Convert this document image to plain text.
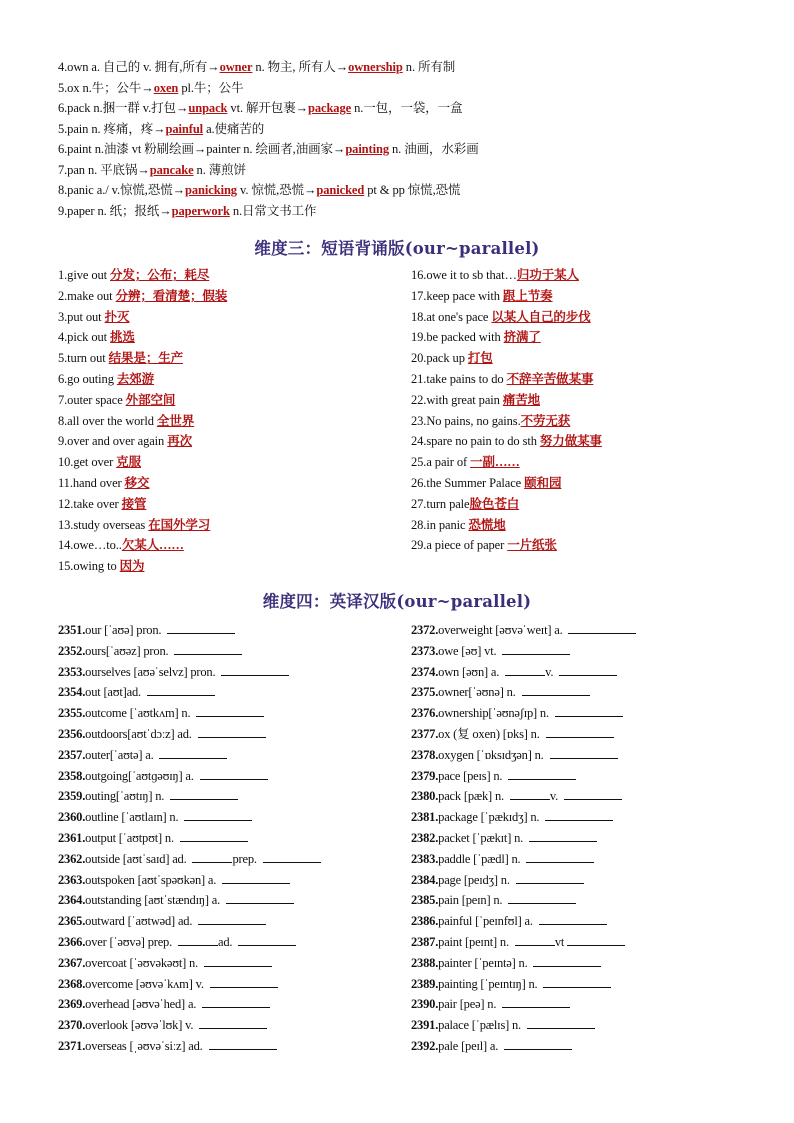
4.own a. 自己的 v. 拥有,所有→owner n. 物主, 所有人→ownership n. 所有制
5.ox n.牛；公牛→oxen pl.牛；公牛
6.pack n.捆一群 v.打包→unpack vt. 解开包裹→package n.一包，一袋，一盒
5.pain n. 疼痛，疼→painful a.使痛苦的
6.paint n.油漆 vt 粉刷绘画→painter n. 绘画者,油画家→painting n. 油画，水彩画
7.pan n. 平底锅→pancake n. 薄煎饼
8.panic a./ v.惊慌,恐慌→panicking v. 惊慌,恐慌→panicked pt & pp 惊慌,恐慌
9.paper n. 纸；报纸→paperwork n.日常文书工作
维度三：短语背诵版(our~parallel)
1.give out 分发；公布；耗尽
2.make out 分辨；看清楚；假装
3.put out 扑灭
4.pick out 挑选
5.turn out 结果是；生产
6.go outing 去郊游
7.outer space 外部空间
8.all over the world 全世界
9.over and over again 再次
10.get over 克服
11.hand over 移交
12.take over 接管
13.study overseas 在国外学习
14.owe…to..欠某人……
15.owing to 因为
16.owe it to sb that…归功于某人
17.keep pace with 跟上节奏
18.at one's pace 以某人自己的步伐
19.be packed with 挤满了
20.pack up 打包
21.take pains to do 不辞辛苦做某事
22.with great pain 痛苦地
23.No pains, no gains.不劳无获
24.spare no pain to do sth 努力做某事
25.a pair of 一副……
26.the Summer Palace 颐和园
27.turn pale脸色苍白
28.in panic 恐慌地
29.a piece of paper 一片纸张
维度四：英译汉版(our~parallel)
2351.our [ˈaʊə] pron.
2352.ours[ˈaʊəz] pron.
2353.ourselves [aʊəˈselvz] pron.
2354.out [aʊt]ad.
2355.outcome [ˈaʊtkʌm] n.
2356.outdoors[aʊtˈdɔːz] ad.
2357.outer[ˈaʊtə] a.
2358.outgoing[ˈaʊtɡəʊɪŋ] a.
2359.outing[ˈaʊtɪŋ] n.
2360.outline [ˈaʊtlaɪn] n.
2361.output [ˈaʊtpʊt] n.
2362.outside [aʊtˈsaɪd] ad.	prep.
2363.outspoken [aʊtˈspəʊkən] a.
2364.outstanding [aʊtˈstændɪŋ] a.
2365.outward [ˈaʊtwəd] ad.
2366.over [ˈəʊvə] prep.	ad.
2367.overcoat [ˈəʊvəkəʊt] n.
2368.overcome [əʊvəˈkʌm] v.
2369.overhead [əʊvəˈhed] a.
2370.overlook [əʊvəˈlʊk] v.
2371.overseas [ˌəʊvəˈsiːz] ad.
2372.overweight [əʊvəˈweɪt] a.
2373.owe [əʊ] vt.
2374.own [əʊn] a.	v.
2375.owner[ˈəʊnə] n.
2376.ownership[ˈəʊnəʃɪp] n.
2377.ox (复 oxen) [ɒks] n.
2378.oxygen [ˈɒksɪdʒən] n.
2379.pace [peɪs] n.
2380.pack [pæk] n.	v.
2381.package [ˈpækɪdʒ] n.
2382.packet [ˈpækɪt] n.
2383.paddle [ˈpædl] n.
2384.page [peɪdʒ] n.
2385.pain [peɪn] n.
2386.painful [ˈpeɪnfʊl] a.
2387.paint [peɪnt] n.	vt
2388.painter [ˈpeɪntə] n.
2389.painting [ˈpeɪntɪŋ] n.
2390.pair [peə] n.
2391.palace [ˈpælɪs] n.
2392.pale [peɪl] a.
